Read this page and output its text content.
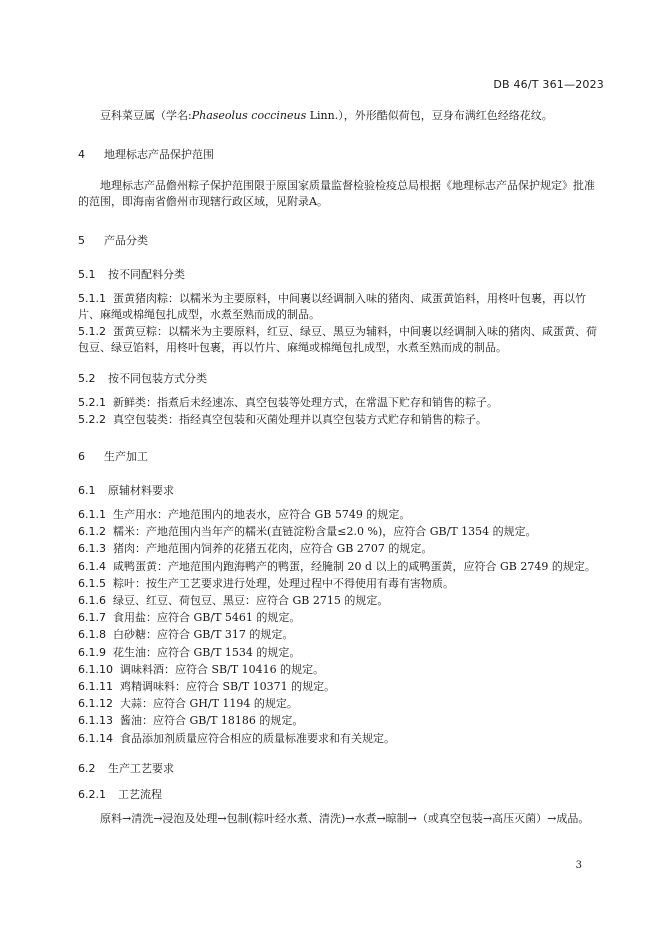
DB 46/T 361—2023
豆科菜豆属（学名:Phaseolus coccineus Linn.），外形酷似荷包，豆身布满红色经络花纹。
4 地理标志产品保护范围
地理标志产品儋州粽子保护范围限于原国家质量监督检验检疫总局根据《地理标志产品保护规定》批准的范围，即海南省儋州市现辖行政区域，见附录A。
5 产品分类
5.1 按不同配料分类
5.1.1 蛋黄猪肉粽：以糯米为主要原料，中间裹以经调制入味的猪肉、咸蛋黄馅料，用柊叶包裹，再以竹片、麻绳或棉绳包扎成型，水煮至熟而成的制品。
5.1.2 蛋黄豆粽：以糯米为主要原料，红豆、绿豆、黑豆为辅料，中间裹以经调制入味的猪肉、咸蛋黄、荷包豆、绿豆馅料，用柊叶包裹，再以竹片、麻绳或棉绳包扎成型，水煮至熟而成的制品。
5.2 按不同包装方式分类
5.2.1 新鲜类：指煮后未经速冻、真空包装等处理方式，在常温下贮存和销售的粽子。
5.2.2 真空包装类：指经真空包装和灭菌处理并以真空包装方式贮存和销售的粽子。
6 生产加工
6.1 原辅材料要求
6.1.1 生产用水：产地范围内的地表水，应符合 GB 5749 的规定。
6.1.2 糯米：产地范围内当年产的糯米(直链淀粉含量≤2.0 %)，应符合 GB/T 1354 的规定。
6.1.3 猪肉：产地范围内饲养的花猪五花肉，应符合 GB 2707 的规定。
6.1.4 咸鸭蛋黄：产地范围内跑海鸭产的鸭蛋，经腌制 20 d 以上的咸鸭蛋黄，应符合 GB 2749 的规定。
6.1.5 粽叶：按生产工艺要求进行处理，处理过程中不得使用有毒有害物质。
6.1.6 绿豆、红豆、荷包豆、黑豆：应符合 GB 2715 的规定。
6.1.7 食用盐：应符合 GB/T 5461 的规定。
6.1.8 白砂糖：应符合 GB/T 317 的规定。
6.1.9 花生油：应符合 GB/T 1534 的规定。
6.1.10 调味料酒：应符合 SB/T 10416 的规定。
6.1.11 鸡精调味料：应符合 SB/T 10371 的规定。
6.1.12 大蒜：应符合 GH/T 1194 的规定。
6.1.13 酱油：应符合 GB/T 18186 的规定。
6.1.14 食品添加剂质量应符合相应的质量标准要求和有关规定。
6.2 生产工艺要求
6.2.1 工艺流程
原料→清洗→浸泡及处理→包制(粽叶经水煮、清洗)→水煮→晾制→（或真空包装→高压灭菌）→成品。
3
